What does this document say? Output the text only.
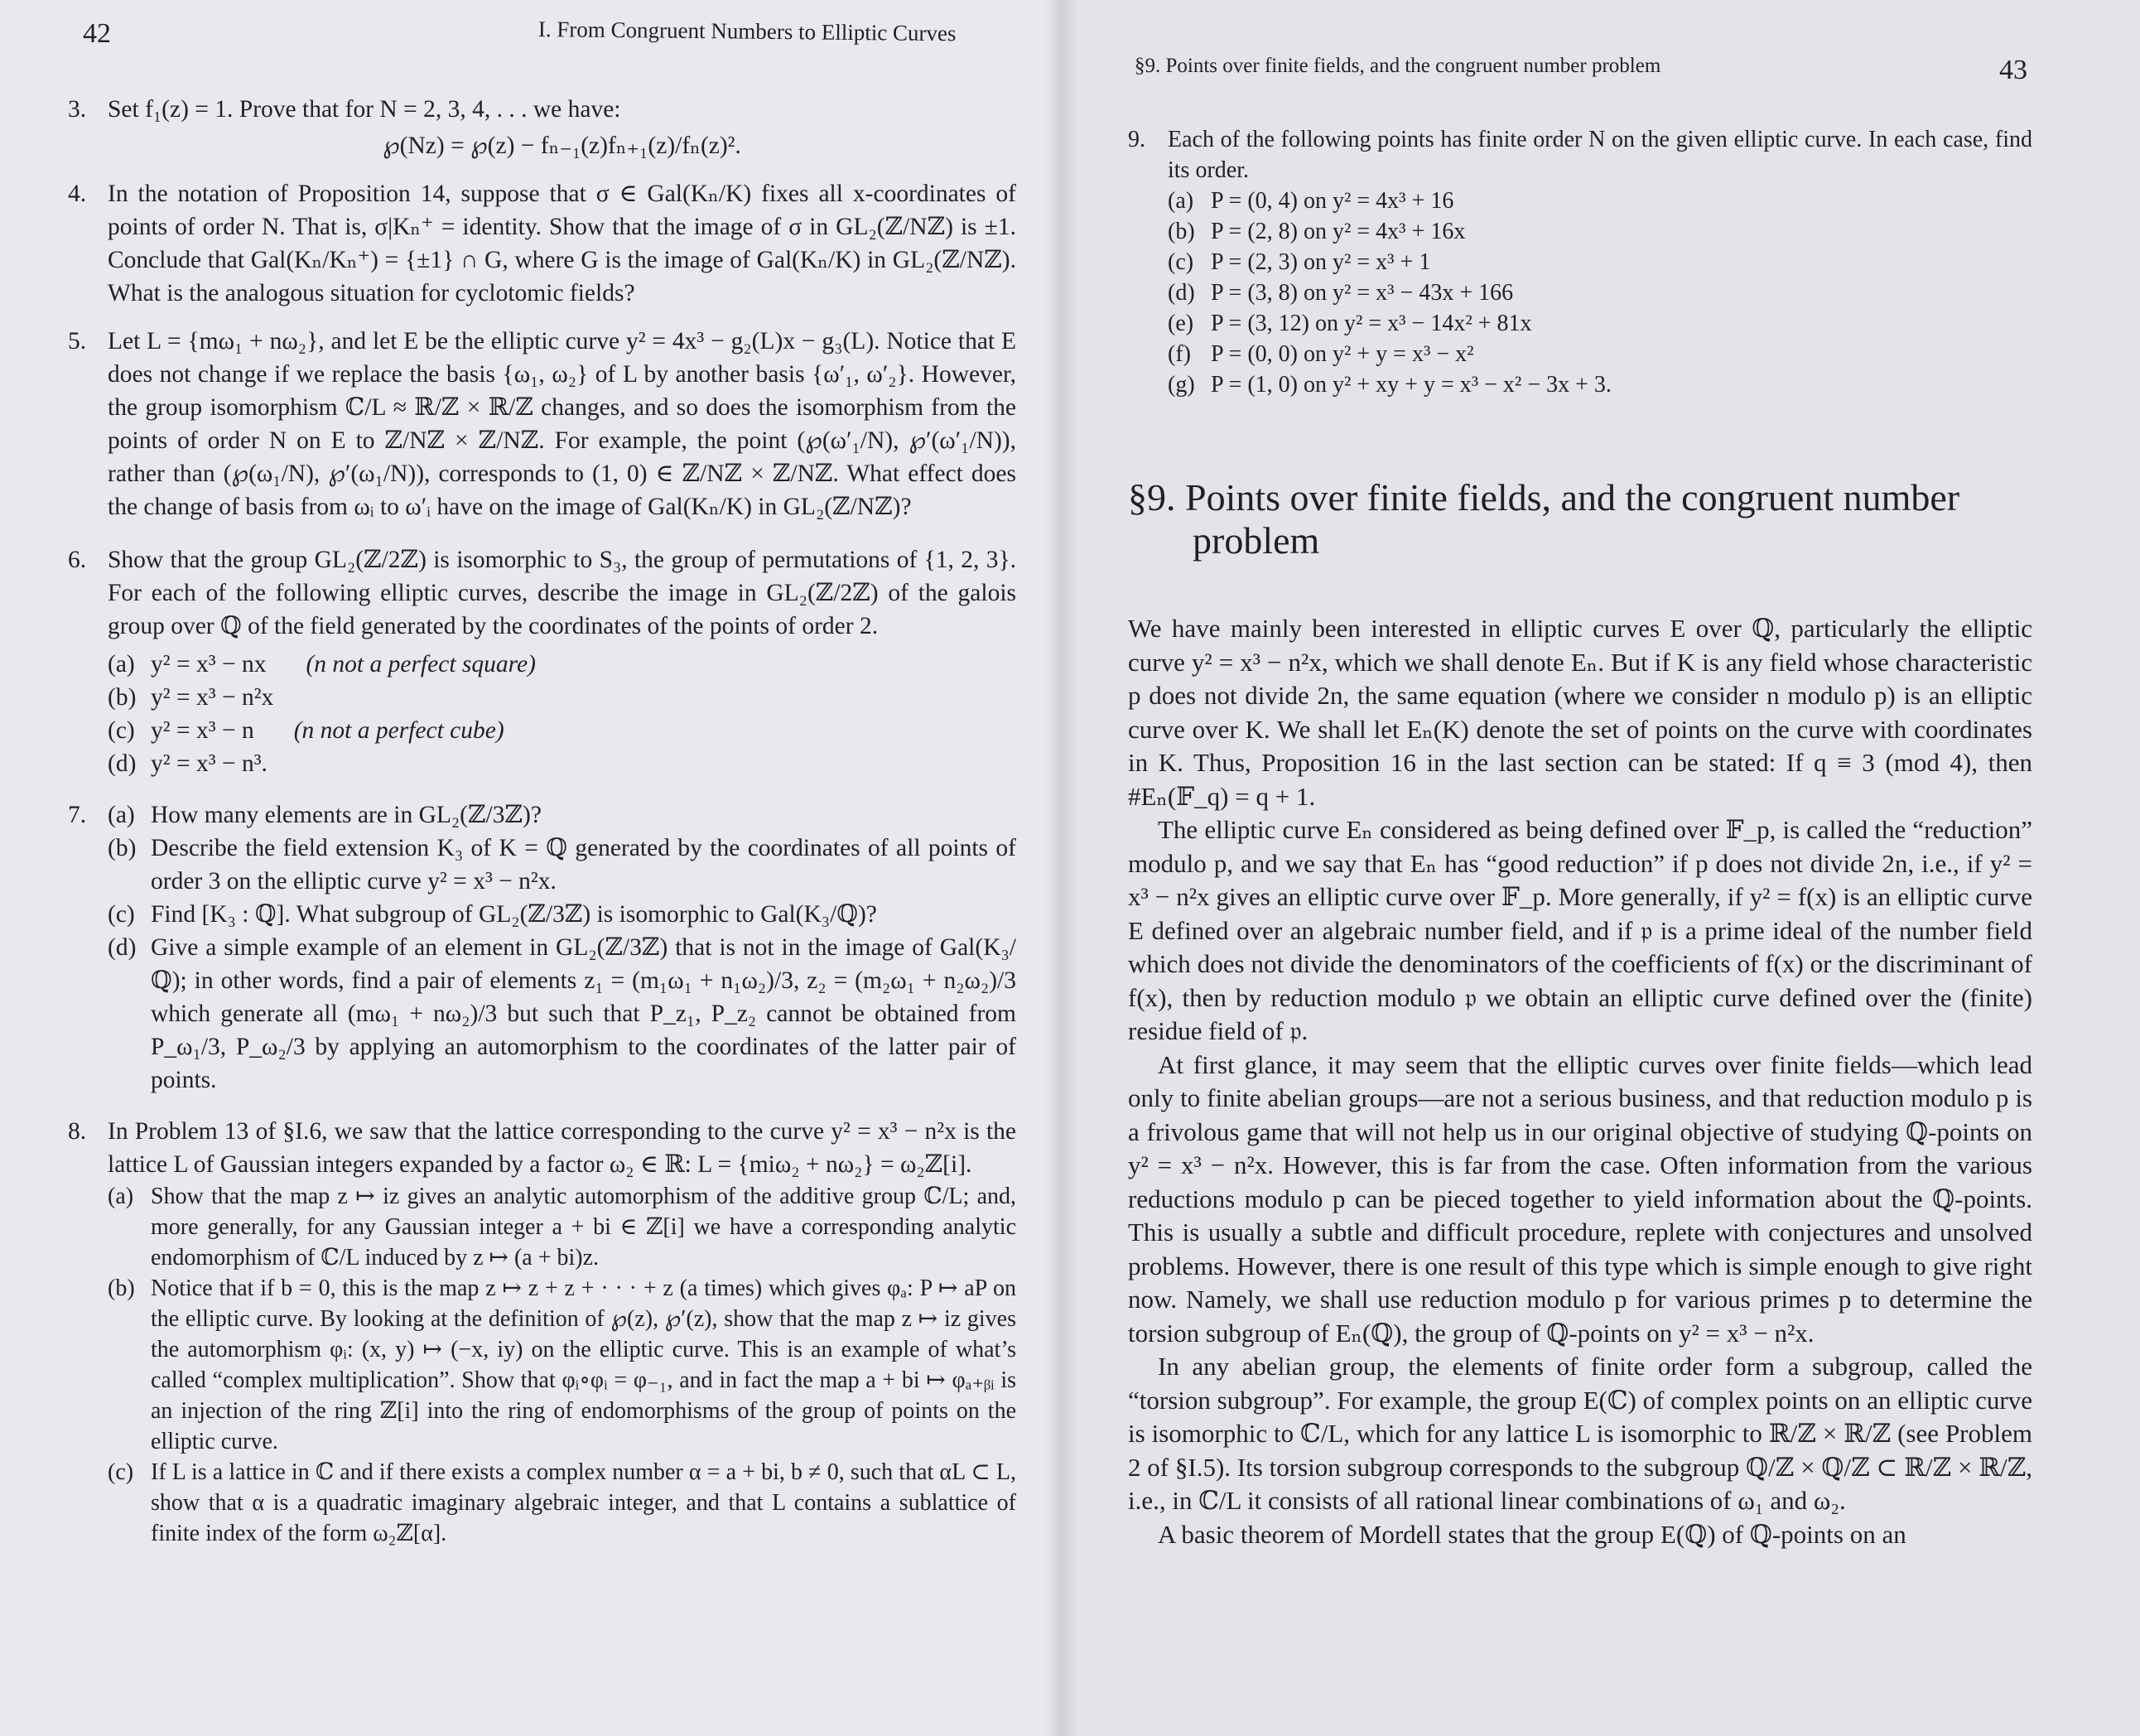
42	I. From Congruent Numbers to Elliptic Curves
§9. Points over finite fields, and the congruent number problem	43
3. Set f₁(z) = 1. Prove that for N = 2, 3, 4, . . . we have:
℘(Nz) = ℘(z) − fₙ₋₁(z)fₙ₊₁(z)/fₙ(z)².
4. In the notation of Proposition 14, suppose that σ ∈ Gal(Kₙ/K) fixes all x-coordinates of points of order N. That is, σ|Kₙ⁺ = identity. Show that the image of σ in GL₂(ℤ/Nℤ) is ±1. Conclude that Gal(Kₙ/Kₙ⁺) = {±1} ∩ G, where G is the image of Gal(Kₙ/K) in GL₂(ℤ/Nℤ). What is the analogous situation for cyclotomic fields?
5. Let L = {mω₁ + nω₂}, and let E be the elliptic curve y² = 4x³ − g₂(L)x − g₃(L). Notice that E does not change if we replace the basis {ω₁, ω₂} of L by another basis {ω′₁, ω′₂}. However, the group isomorphism ℂ/L ≈ ℝ/ℤ × ℝ/ℤ changes, and so does the isomorphism from the points of order N on E to ℤ/Nℤ × ℤ/Nℤ. For example, the point (℘(ω′₁/N), ℘′(ω′₁/N)), rather than (℘(ω₁/N), ℘′(ω₁/N)), corresponds to (1, 0) ∈ ℤ/Nℤ × ℤ/Nℤ. What effect does the change of basis from ωᵢ to ω′ᵢ have on the image of Gal(Kₙ/K) in GL₂(ℤ/Nℤ)?
6. Show that the group GL₂(ℤ/2ℤ) is isomorphic to S₃, the group of permutations of {1, 2, 3}. For each of the following elliptic curves, describe the image in GL₂(ℤ/2ℤ) of the galois group over ℚ of the field generated by the coordinates of the points of order 2.
(a) y² = x³ − nx (n not a perfect square)
(b) y² = x³ − n²x
(c) y² = x³ − n (n not a perfect cube)
(d) y² = x³ − n³.
7. (a) How many elements are in GL₂(ℤ/3ℤ)?
(b) Describe the field extension K₃ of K = ℚ generated by the coordinates of all points of order 3 on the elliptic curve y² = x³ − n²x.
(c) Find [K₃ : ℚ]. What subgroup of GL₂(ℤ/3ℤ) is isomorphic to Gal(K₃/ℚ)?
(d) Give a simple example of an element in GL₂(ℤ/3ℤ) that is not in the image of Gal(K₃/ℚ); in other words, find a pair of elements z₁ = (m₁ω₁ + n₁ω₂)/3, z₂ = (m₂ω₁ + n₂ω₂)/3 which generate all (mω₁ + nω₂)/3 but such that P_z₁, P_z₂ cannot be obtained from P_ω₁/3, P_ω₂/3 by applying an automorphism to the coordinates of the latter pair of points.
8. In Problem 13 of §I.6, we saw that the lattice corresponding to the curve y² = x³ − n²x is the lattice L of Gaussian integers expanded by a factor ω₂ ∈ ℝ: L = {miω₂ + nω₂} = ω₂ℤ[i].
(a) Show that the map z ↦ iz gives an analytic automorphism of the additive group ℂ/L; and, more generally, for any Gaussian integer a + bi ∈ ℤ[i] we have a corresponding analytic endomorphism of ℂ/L induced by z ↦ (a + bi)z.
(b) Notice that if b = 0, this is the map z ↦ z + z + · · · + z (a times) which gives φₐ: P ↦ aP on the elliptic curve. By looking at the definition of ℘(z), ℘′(z), show that the map z ↦ iz gives the automorphism φᵢ: (x, y) ↦ (−x, iy) on the elliptic curve. This is an example of what’s called “complex multiplication”. Show that φᵢ∘φᵢ = φ₋₁, and in fact the map a + bi ↦ φₐ₊ᵦᵢ is an injection of the ring ℤ[i] into the ring of endomorphisms of the group of points on the elliptic curve.
(c) If L is a lattice in ℂ and if there exists a complex number α = a + bi, b ≠ 0, such that αL ⊂ L, show that α is a quadratic imaginary algebraic integer, and that L contains a sublattice of finite index of the form ω₂ℤ[α].
9. Each of the following points has finite order N on the given elliptic curve. In each case, find its order.
(a) P = (0, 4) on y² = 4x³ + 16
(b) P = (2, 8) on y² = 4x³ + 16x
(c) P = (2, 3) on y² = x³ + 1
(d) P = (3, 8) on y² = x³ − 43x + 166
(e) P = (3, 12) on y² = x³ − 14x² + 81x
(f) P = (0, 0) on y² + y = x³ − x²
(g) P = (1, 0) on y² + xy + y = x³ − x² − 3x + 3.
§9. Points over finite fields, and the congruent number problem

We have mainly been interested in elliptic curves E over ℚ, particularly the elliptic curve y² = x³ − n²x, which we shall denote Eₙ. But if K is any field whose characteristic p does not divide 2n, the same equation (where we consider n modulo p) is an elliptic curve over K. We shall let Eₙ(K) denote the set of points on the curve with coordinates in K. Thus, Proposition 16 in the last section can be stated: If q ≡ 3 (mod 4), then #Eₙ(𝔽_q) = q + 1.

The elliptic curve Eₙ considered as being defined over 𝔽_p, is called the “reduction” modulo p, and we say that Eₙ has “good reduction” if p does not divide 2n, i.e., if y² = x³ − n²x gives an elliptic curve over 𝔽_p. More generally, if y² = f(x) is an elliptic curve E defined over an algebraic number field, and if 𝔭 is a prime ideal of the number field which does not divide the denominators of the coefficients of f(x) or the discriminant of f(x), then by reduction modulo 𝔭 we obtain an elliptic curve defined over the (finite) residue field of 𝔭.

At first glance, it may seem that the elliptic curves over finite fields—which lead only to finite abelian groups—are not a serious business, and that reduction modulo p is a frivolous game that will not help us in our original objective of studying ℚ-points on y² = x³ − n²x. However, this is far from the case. Often information from the various reductions modulo p can be pieced together to yield information about the ℚ-points. This is usually a subtle and difficult procedure, replete with conjectures and unsolved problems. However, there is one result of this type which is simple enough to give right now. Namely, we shall use reduction modulo p for various primes p to determine the torsion subgroup of Eₙ(ℚ), the group of ℚ-points on y² = x³ − n²x.

In any abelian group, the elements of finite order form a subgroup, called the “torsion subgroup”. For example, the group E(ℂ) of complex points on an elliptic curve is isomorphic to ℂ/L, which for any lattice L is isomorphic to ℝ/ℤ × ℝ/ℤ (see Problem 2 of §I.5). Its torsion subgroup corresponds to the subgroup ℚ/ℤ × ℚ/ℤ ⊂ ℝ/ℤ × ℝ/ℤ, i.e., in ℂ/L it consists of all rational linear combinations of ω₁ and ω₂.

A basic theorem of Mordell states that the group E(ℚ) of ℚ-points on an
